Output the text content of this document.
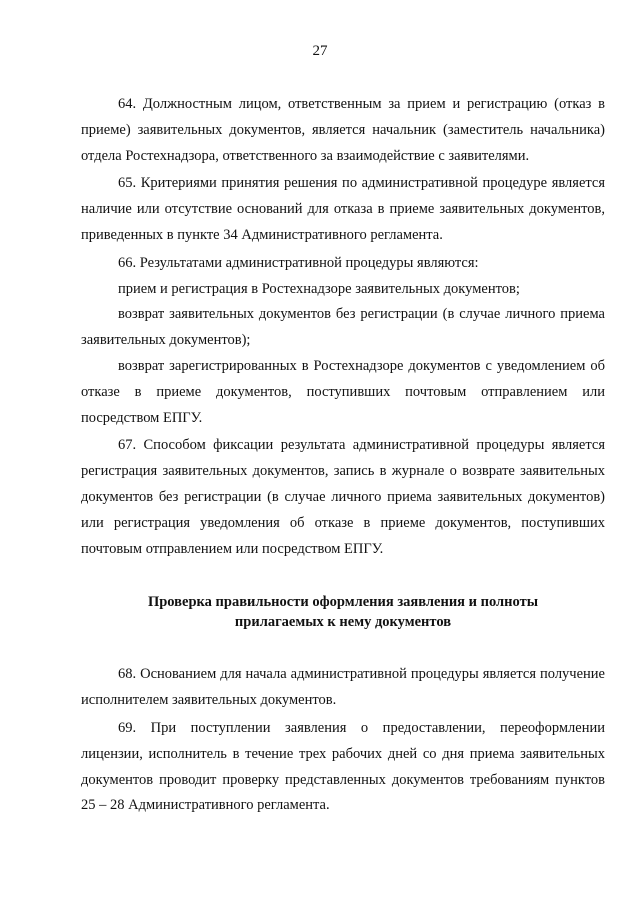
27

64. Должностным лицом, ответственным за прием и регистрацию (отказ в приеме) заявительных документов, является начальник (заместитель начальника) отдела Ростехнадзора, ответственного за взаимодействие с заявителями.

65. Критериями принятия решения по административной процедуре является наличие или отсутствие оснований для отказа в приеме заявительных документов, приведенных в пункте 34 Административного регламента.

66. Результатами административной процедуры являются:

прием и регистрация в Ростехнадзоре заявительных документов;

возврат заявительных документов без регистрации (в случае личного приема заявительных документов);

возврат зарегистрированных в Ростехнадзоре документов с уведомлением об отказе в приеме документов, поступивших почтовым отправлением или посредством ЕПГУ.

67. Способом фиксации результата административной процедуры является регистрация заявительных документов, запись в журнале о возврате заявительных документов без регистрации (в случае личного приема заявительных документов) или регистрация уведомления об отказе в приеме документов, поступивших почтовым отправлением или посредством ЕПГУ.

Проверка правильности оформления заявления и полноты
прилагаемых к нему документов

68. Основанием для начала административной процедуры является получение исполнителем заявительных документов.

69. При поступлении заявления о предоставлении, переоформлении лицензии, исполнитель в течение трех рабочих дней со дня приема заявительных документов проводит проверку представленных документов требованиям пунктов 25 – 28 Административного регламента.
